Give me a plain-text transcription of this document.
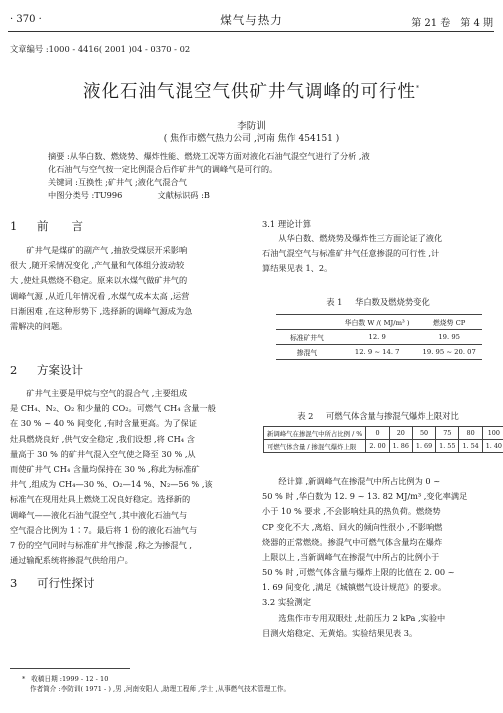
· 370 ·	煤气与热力	第 21 卷　第 4 期
文章编号 :1000 - 4416( 2001 )04 - 0370 - 02
液化石油气混空气供矿井气调峰的可行性*
李防训
( 焦作市燃气热力公司 ,河南 焦作 454151 )
摘要 :从华白数、燃烧势、爆炸性能、燃烧工况等方面对液化石油气混空气进行了分析 ,液
化石油气与空气按一定比例混合后作矿井气的调峰气是可行的。
关键词 :互换性 ;矿井气 ;液化气混合气
中图分类号 :TU996	文献标识码 :B
1 前　　言

矿井气是煤矿的副产气 ,抽放受煤层开采影响
很大 ,随开采情况变化 ,产气量和气体组分波动较
大 ,使灶具燃烧不稳定。原来以水煤气做矿井气的
调峰气源 ,从近几年情况看 ,水煤气成本太高 ,运营
日渐困难 ,在这种形势下 ,选择新的调峰气源成为急
需解决的问题。

2 方案设计

矿井气主要是甲烷与空气的混合气 ,主要组成
是 CH₄、N₂、O₂ 和少量的 CO₂。可燃气 CH₄ 含量一般
在 30 % ~ 40 % 间变化 ,有时含量更高。为了保证
灶具燃烧良好 ,供气安全稳定 ,我们设想 ,将 CH₄ 含
量高于 30 % 的矿井气混入空气使之降至 30 % ,从
而使矿井气 CH₄ 含量均保持在 30 % ,称此为标准矿
井气 ,组成为 CH₄—30 %、O₂—14 %、N₂—56 % ,该
标准气在现用灶具上燃烧工况良好稳定。选择新的
调峰气——液化石油气混空气 ,其中液化石油气与
空气混合比例为 1∶7。最后将 1 份的液化石油气与
7 份的空气同时与标准矿井气掺混 ,称之为掺混气 ,
通过输配系统将掺混气供给用户。

3 可行性探讨
* 收稿日期 :1999 - 12 - 10
作者简介 :李防训( 1971 - ) ,男 ,河南安阳人 ,助理工程师 ,学士 ,从事燃气技术管理工作。
3.1 理论计算

从华白数、燃烧势及爆炸性三方面论证了液化
石油气混空气与标准矿井气任意掺混的可行性 ,计
算结果见表 1、2。

表 1 华白数及燃烧势变化
	华白数 W /( MJ/m³ )	燃烧势 CP
标准矿井气	12. 9	19. 95
掺混气	12. 9 ~ 14. 7	19. 95 ~ 20. 07
表 2 可燃气体含量与掺混气爆炸上限对比
新调峰气在掺混气中所占比例 / %	0	20	50	75	80	100
可燃气体含量 / 掺混气爆炸上限	2. 00	1. 86	1. 69	1. 55	1. 54	1. 40

经计算 ,新调峰气在掺混气中所占比例为 0 ~
50 % 时 ,华白数为 12. 9 ~ 13. 82 MJ/m³ ,变化率满足
小于 10 % 要求 ,不会影响灶具的热负荷。燃烧势
CP 变化不大 ,离焰、回火的倾向性很小 ,不影响燃
烧器的正常燃烧。掺混气中可燃气体含量均在爆炸
上限以上 ,当新调峰气在掺混气中所占的比例小于
50 % 时 ,可燃气体含量与爆炸上限的比值在 2. 00 ~
1. 69 间变化 ,满足《城镇燃气设计规范》的要求。

3.2 实验测定

选焦作市专用双眼灶 ,灶前压力 2 kPa ,实验中
目测火焰稳定、无黄焰。实验结果见表 3。
